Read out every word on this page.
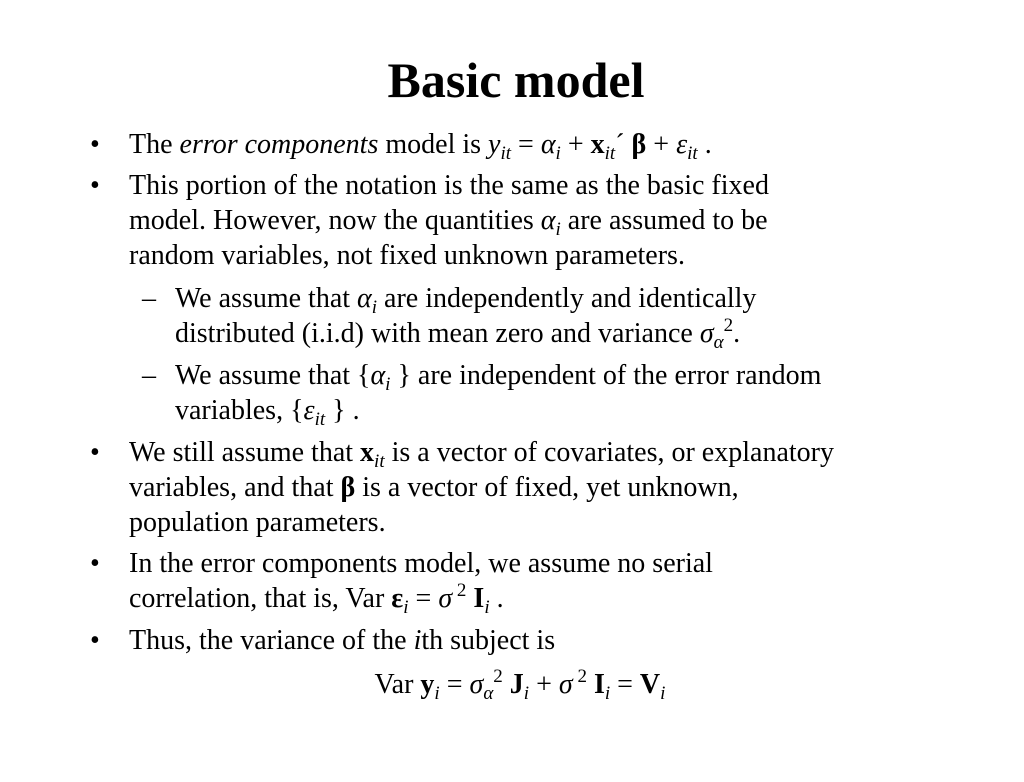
Basic model
• The error components model is $y_{it} = \alpha_i$ + $x_{it}´$ $\beta + \varepsilon_{it}$ .
• This portion of the notation is the same as the basic fixed
model. However, now the quantities $\alpha_i$ are assumed to be
random variables, not fixed unknown parameters.
– We assume that $\alpha_i$ are independently and identically
distributed (i.i.d) with mean zero and variance $\sigma_\alpha^2$.
– We assume that {$\alpha_i$ } are independent of the error random
variables, {$\varepsilon_{it}$ } .
• We still assume that $x_{it}$ is a vector of covariates, or explanatory
variables, and that β is a vector of fixed, yet unknown,
population parameters.
• In the error components model, we assume no serial
correlation, that is, Var $\varepsilon_i = \sigma$ $^2$ $I_i$ .
• Thus, the variance of the ith subject is
Var $y_i = \sigma_\alpha^2$ $J_i + \sigma$ $^2$ $I_i = V_i$
